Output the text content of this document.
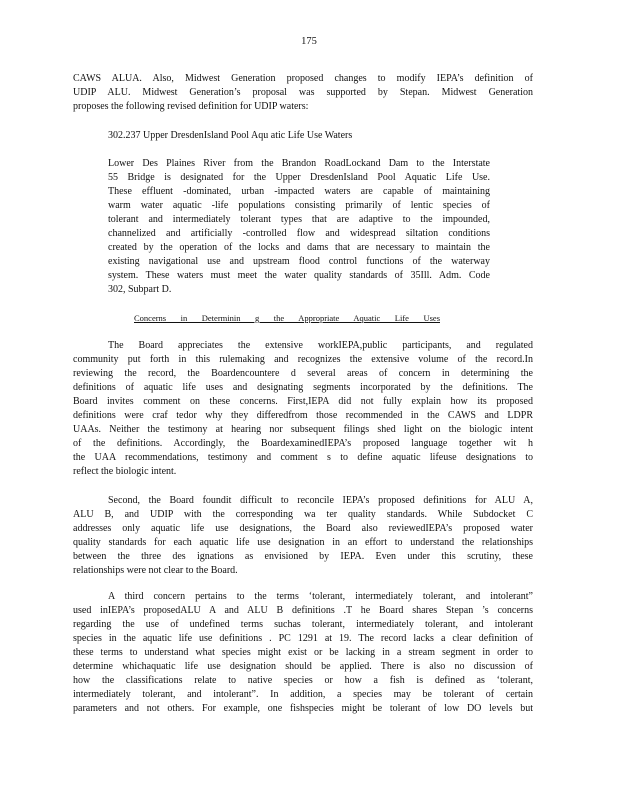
175
CAWS ALUA. Also, Midwest Generation proposed changes to modify IEPA’s definition of
UDIP ALU. Midwest Generation’s proposal was supported by Stepan. Midwest Generation
proposes the following revised definition for UDIP waters:
302.237 Upper DresdenIsland Pool Aqu atic Life Use Waters
Lower Des Plaines River from the Brandon RoadLockand Dam to the Interstate
55 Bridge is designated for the Upper DresdenIsland Pool Aquatic Life Use.
These effluent -dominated, urban -impacted waters are capable of maintaining
warm water aquatic -life populations consisting primarily of lentic species of
tolerant and intermediately tolerant types that are adaptive to the impounded,
channelized and artificially -controlled flow and widespread siltation conditions
created by the operation of the locks and dams that are necessary to maintain the
existing navigational use and upstream flood control functions of the waterway
system. These waters must meet the water quality standards of 35Ill. Adm. Code
302, Subpart D.
Concerns in Determinin g the Appropriate Aquatic Life Uses
The Board appreciates the extensive workIEPA,public participants, and regulated
community put forth in this rulemaking and recognizes the extensive volume of the record.In
reviewing the record, the Boardencountere d several areas of concern in determining the
definitions of aquatic life uses and designating segments incorporated by the definitions. The
Board invites comment on these concerns. First,IEPA did not fully explain how its proposed
definitions were craf tedor why they differedfrom those recommended in the CAWS and LDPR
UAAs. Neither the testimony at hearing nor subsequent filings shed light on the biologic intent
of the definitions. Accordingly, the BoardexaminedIEPA’s proposed language together wit h
the UAA recommendations, testimony and comment s to define aquatic lifeuse designations to
reflect the biologic intent.
Second, the Board foundit difficult to reconcile IEPA’s proposed definitions for ALU A,
ALU B, and UDIP with the corresponding wa ter quality standards. While Subdocket C
addresses only aquatic life use designations, the Board also reviewedIEPA’s proposed water
quality standards for each aquatic life use designation in an effort to understand the relationships
between the three des ignations as envisioned by IEPA. Even under this scrutiny, these
relationships were not clear to the Board.
A third concern pertains to the terms ‘tolerant, intermediately tolerant, and intolerant”
used inIEPA’s proposedALU A and ALU B definitions .T he Board shares Stepan ’s concerns
regarding the use of undefined terms suchas tolerant, intermediately tolerant, and intolerant
species in the aquatic life use definitions . PC 1291 at 19. The record lacks a clear definition of
these terms to understand what species might exist or be lacking in a stream segment in order to
determine whichaquatic life use designation should be applied. There is also no discussion of
how the classifications relate to native species or how a fish is defined as ‘tolerant,
intermediately tolerant, and intolerant”. In addition, a species may be tolerant of certain
parameters and not others. For example, one fishspecies might be tolerant of low DO levels but
